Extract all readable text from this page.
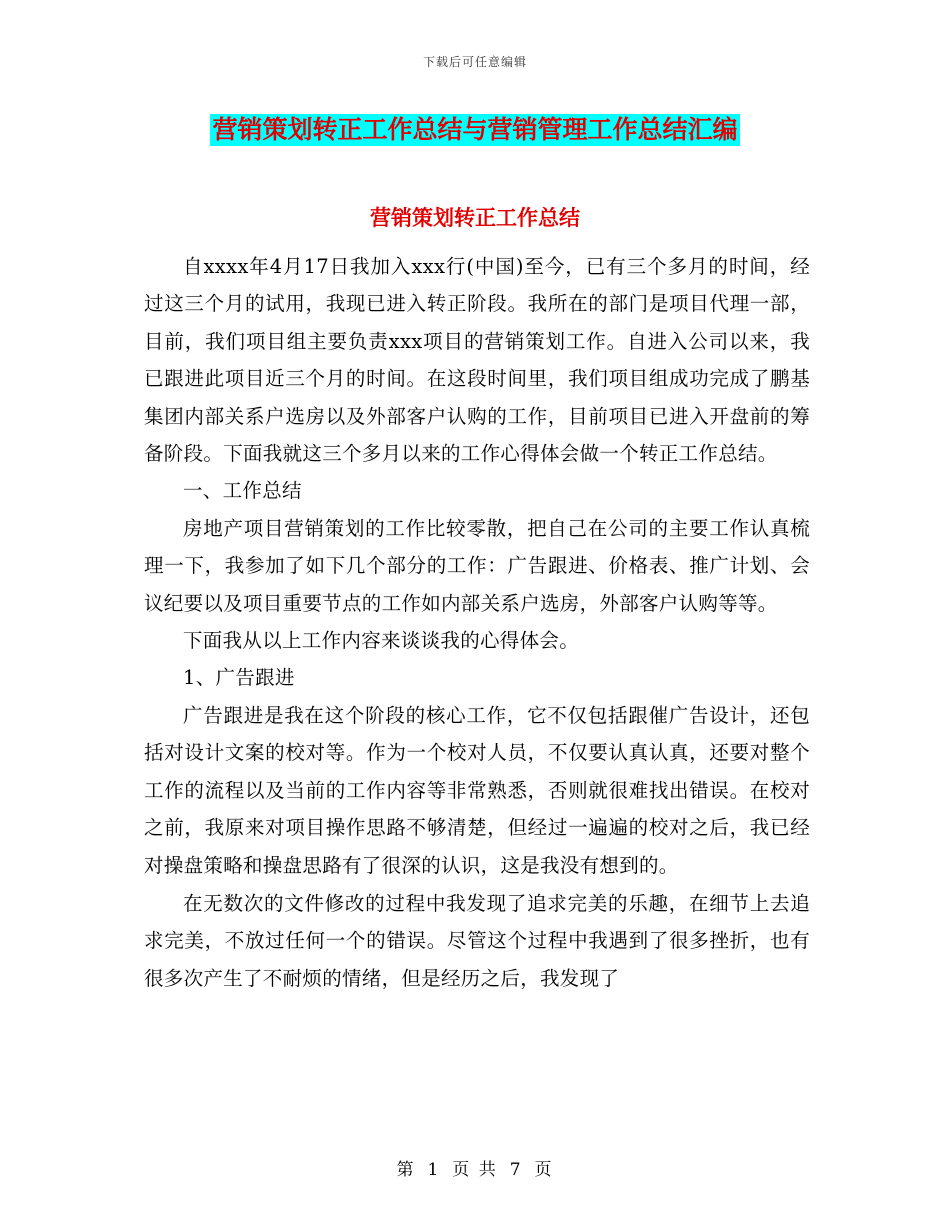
下载后可任意编辑
营销策划转正工作总结与营销管理工作总结汇编
营销策划转正工作总结

自xxxx年4月17日我加入xxx行(中国)至今，已有三个多月的时间，经过这三个月的试用，我现已进入转正阶段。我所在的部门是项目代理一部，目前，我们项目组主要负责xxx项目的营销策划工作。自进入公司以来，我已跟进此项目近三个月的时间。在这段时间里，我们项目组成功完成了鹏基集团内部关系户选房以及外部客户认购的工作，目前项目已进入开盘前的筹备阶段。下面我就这三个多月以来的工作心得体会做一个转正工作总结。

一、工作总结

房地产项目营销策划的工作比较零散，把自己在公司的主要工作认真梳理一下，我参加了如下几个部分的工作：广告跟进、价格表、推广计划、会议纪要以及项目重要节点的工作如内部关系户选房，外部客户认购等等。

下面我从以上工作内容来谈谈我的心得体会。

1、广告跟进

广告跟进是我在这个阶段的核心工作，它不仅包括跟催广告设计，还包括对设计文案的校对等。作为一个校对人员，不仅要认真认真，还要对整个工作的流程以及当前的工作内容等非常熟悉，否则就很难找出错误。在校对之前，我原来对项目操作思路不够清楚，但经过一遍遍的校对之后，我已经对操盘策略和操盘思路有了很深的认识，这是我没有想到的。

在无数次的文件修改的过程中我发现了追求完美的乐趣，在细节上去追求完美，不放过任何一个的错误。尽管这个过程中我遇到了很多挫折，也有很多次产生了不耐烦的情绪，但是经历之后，我发现了

第 1 页 共 7 页
